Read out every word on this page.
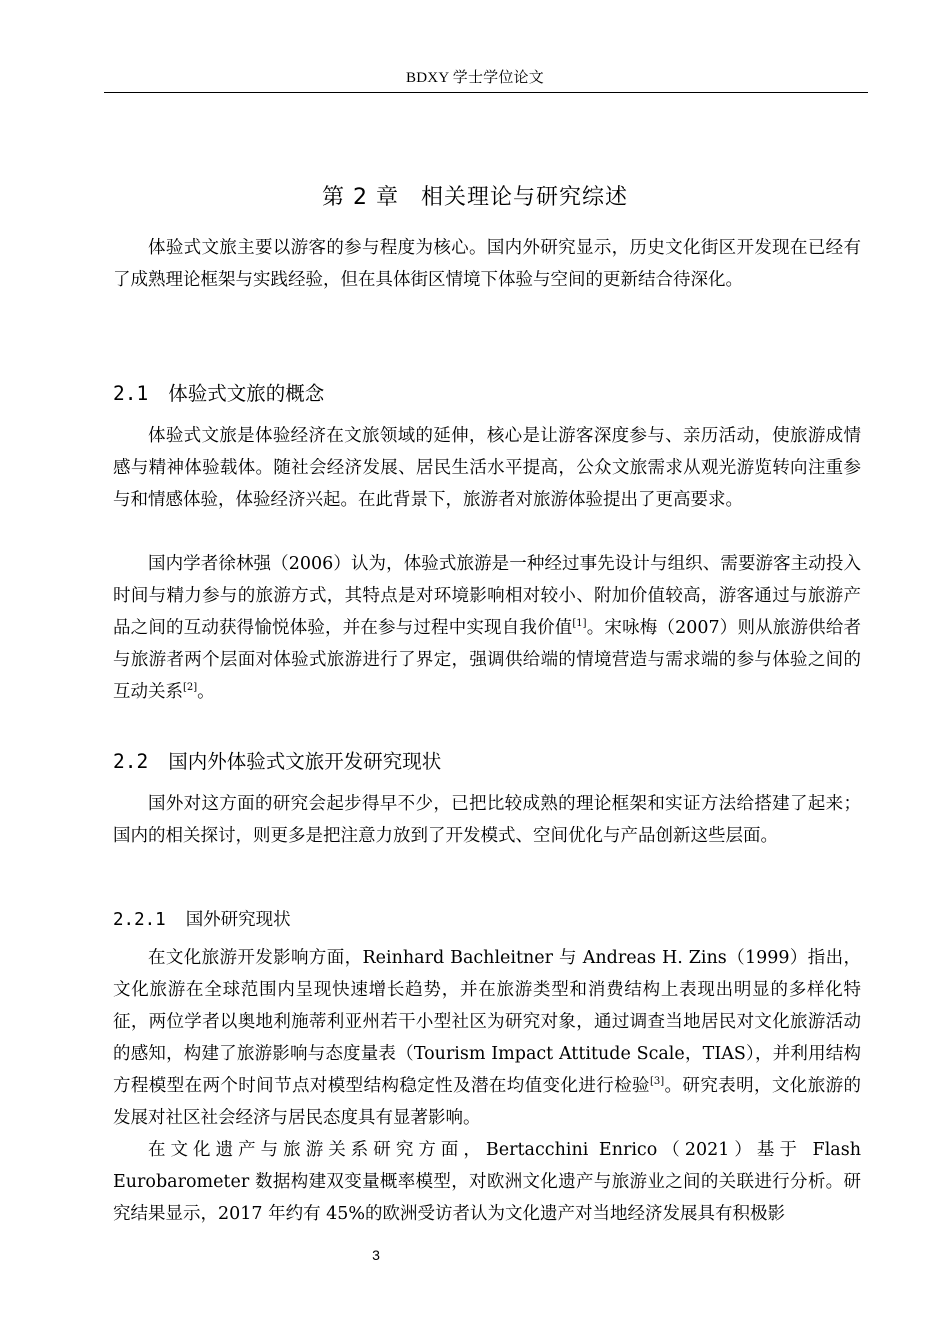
BDXY 学士学位论文
第 2 章 相关理论与研究综述

体验式文旅主要以游客的参与程度为核心。国内外研究显示，历史文化街区开发现在已经有了成熟理论框架与实践经验，但在具体街区情境下体验与空间的更新结合待深化。

2.1 体验式文旅的概念

体验式文旅是体验经济在文旅领域的延伸，核心是让游客深度参与、亲历活动，使旅游成情感与精神体验载体。随社会经济发展、居民生活水平提高，公众文旅需求从观光游览转向注重参与和情感体验，体验经济兴起。在此背景下，旅游者对旅游体验提出了更高要求。

国内学者徐林强（2006）认为，体验式旅游是一种经过事先设计与组织、需要游客主动投入时间与精力参与的旅游方式，其特点是对环境影响相对较小、附加价值较高，游客通过与旅游产品之间的互动获得愉悦体验，并在参与过程中实现自我价值[1]。宋咏梅（2007）则从旅游供给者与旅游者两个层面对体验式旅游进行了界定，强调供给端的情境营造与需求端的参与体验之间的互动关系[2]。

2.2 国内外体验式文旅开发研究现状

国外对这方面的研究会起步得早不少，已把比较成熟的理论框架和实证方法给搭建了起来；国内的相关探讨，则更多是把注意力放到了开发模式、空间优化与产品创新这些层面。

2.2.1 国外研究现状

在文化旅游开发影响方面，Reinhard Bachleitner 与 Andreas H. Zins（1999）指出，文化旅游在全球范围内呈现快速增长趋势，并在旅游类型和消费结构上表现出明显的多样化特征，两位学者以奥地利施蒂利亚州若干小型社区为研究对象，通过调查当地居民对文化旅游活动的感知，构建了旅游影响与态度量表（Tourism Impact Attitude Scale，TIAS），并利用结构方程模型在两个时间节点对模型结构稳定性及潜在均值变化进行检验[3]。研究表明，文化旅游的发展对社区社会经济与居民态度具有显著影响。

在文化遗产与旅游关系研究方面，Bertacchini Enrico（2021）基于 Flash Eurobarometer 数据构建双变量概率模型，对欧洲文化遗产与旅游业之间的关联进行分析。研究结果显示，2017 年约有 45%的欧洲受访者认为文化遗产对当地经济发展具有积极影

3
